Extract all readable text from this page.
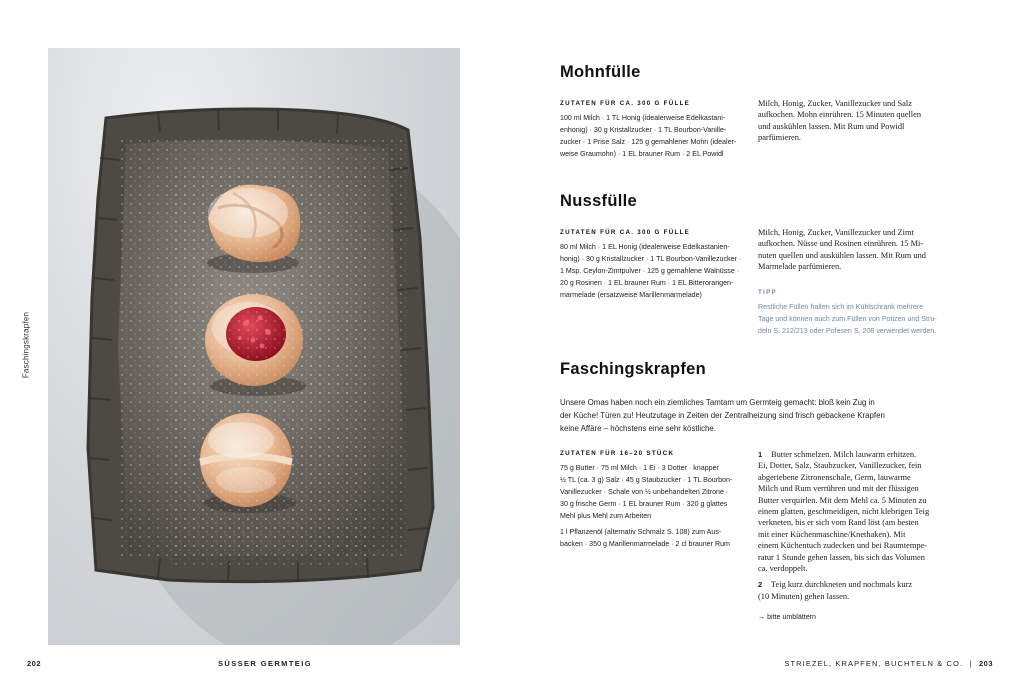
Faschingskrapfen
202	SÜSSER GERMTEIG	STRIEZEL, KRAPFEN, BUCHTELN & CO. | 203
Mohnfülle
ZUTATEN FÜR CA. 300 G FÜLLE
100 ml Milch · 1 TL Honig (idealerweise Edelkastani-
enhonig) · 30 g Kristallzucker · 1 TL Bourbon-Vanille-
zucker · 1 Prise Salz · 125 g gemahlener Mohn (idealer-
weise Graumohn) · 1 EL brauner Rum · 2 EL Powidl
Milch, Honig, Zucker, Vanillezucker und Salz
aufkochen. Mohn einrühren. 15 Minuten quellen
und auskühlen lassen. Mit Rum und Powidl
parfümieren.
Nussfülle
ZUTATEN FÜR CA. 300 G FÜLLE
80 ml Milch · 1 EL Honig (idealerweise Edelkastanien-
honig) · 30 g Kristallzucker · 1 TL Bourbon-Vanillezucker ·
1 Msp. Ceylon-Zimtpulver · 125 g gemahlene Walnüsse ·
20 g Rosinen · 1 EL brauner Rum · 1 EL Bitterorangen-
marmelade (ersatzweise Marillenmarmelade)
Milch, Honig, Zucker, Vanillezucker und Zimt
aufkochen. Nüsse und Rosinen einrühren. 15 Mi-
nuten quellen und auskühlen lassen. Mit Rum und
Marmelade parfümieren.
TIPP
Restliche Füllen halten sich im Kühlschrank mehrere
Tage und können auch zum Füllen von Potizen und Stru-
deln S. 212/213 oder Pofesen S. 208 verwendet werden.
Faschingskrapfen
Unsere Omas haben noch ein ziemliches Tamtam um Germteig gemacht: bloß kein Zug in
der Küche! Türen zu! Heutzutage in Zeiten der Zentralheizung sind frisch gebackene Krapfen
keine Affäre – höchstens eine sehr köstliche.
ZUTATEN FÜR 16–20 STÜCK
75 g Butter · 75 ml Milch · 1 Ei · 3 Dotter · knapper
½ TL (ca. 3 g) Salz · 45 g Staubzucker · 1 TL Bourbon-
Vanillezucker · Schale von ½ unbehandelten Zitrone ·
30 g frische Germ · 1 EL brauner Rum · 320 g glattes
Mehl plus Mehl zum Arbeiten
1 l Pflanzenöl (alternativ Schmalz S. 108) zum Aus-
backen · 350 g Marillenmarmelade · 2 cl brauner Rum
1 Butter schmelzen. Milch lauwarm erhitzen.
Ei, Dotter, Salz, Staubzucker, Vanillezucker, fein
abgeriebene Zitronenschale, Germ, lauwarme
Milch und Rum verrühren und mit der flüssigen
Butter verquirlen. Mit dem Mehl ca. 5 Minuten zu
einem glatten, geschmeidigen, nicht klebrigen Teig
verkneten, bis er sich vom Rand löst (am besten
mit einer Küchenmaschine/Knethaken). Mit
einem Küchentuch zudecken und bei Raumtempe-
ratur 1 Stunde gehen lassen, bis sich das Volumen
ca. verdoppelt.
2 Teig kurz durchkneten und nochmals kurz
(10 Minuten) gehen lassen.
→ bitte umblättern
